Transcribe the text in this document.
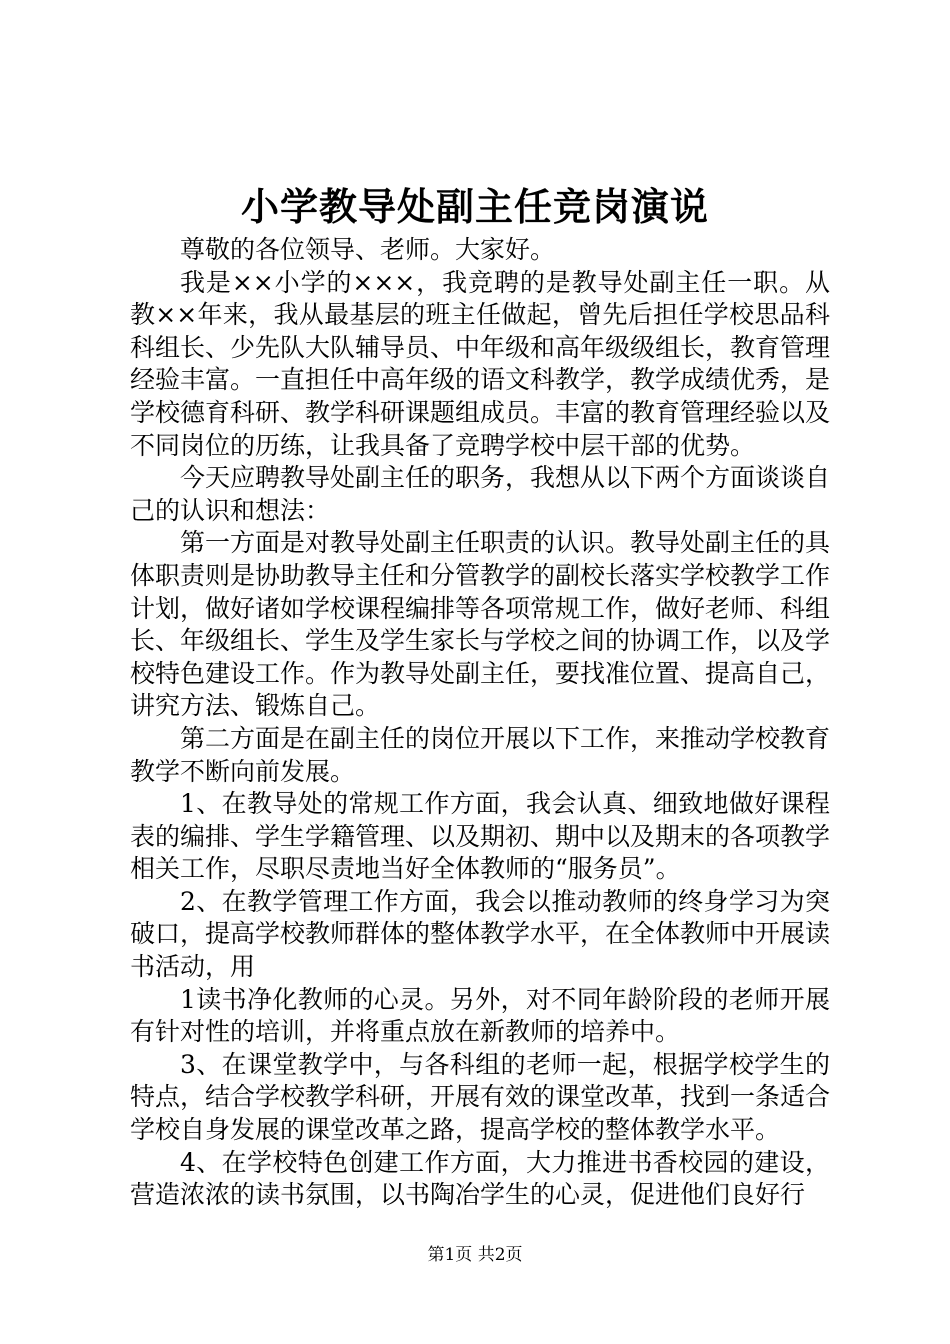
小学教导处副主任竞岗演说

尊敬的各位领导、老师。大家好。

我是××小学的×××，我竞聘的是教导处副主任一职。从教××年来，我从最基层的班主任做起，曾先后担任学校思品科科组长、少先队大队辅导员、中年级和高年级级组长，教育管理经验丰富。一直担任中高年级的语文科教学，教学成绩优秀，是学校德育科研、教学科研课题组成员。丰富的教育管理经验以及不同岗位的历练，让我具备了竞聘学校中层干部的优势。

今天应聘教导处副主任的职务，我想从以下两个方面谈谈自己的认识和想法：

第一方面是对教导处副主任职责的认识。教导处副主任的具体职责则是协助教导主任和分管教学的副校长落实学校教学工作计划，做好诸如学校课程编排等各项常规工作，做好老师、科组长、年级组长、学生及学生家长与学校之间的协调工作，以及学校特色建设工作。作为教导处副主任，要找准位置、提高自己，讲究方法、锻炼自己。

第二方面是在副主任的岗位开展以下工作，来推动学校教育教学不断向前发展。

1、在教导处的常规工作方面，我会认真、细致地做好课程表的编排、学生学籍管理、以及期初、期中以及期末的各项教学相关工作，尽职尽责地当好全体教师的“服务员”。

2、在教学管理工作方面，我会以推动教师的终身学习为突破口，提高学校教师群体的整体教学水平，在全体教师中开展读书活动，用

1读书净化教师的心灵。另外，对不同年龄阶段的老师开展有针对性的培训，并将重点放在新教师的培养中。

3、在课堂教学中，与各科组的老师一起，根据学校学生的特点，结合学校教学科研，开展有效的课堂改革，找到一条适合学校自身发展的课堂改革之路，提高学校的整体教学水平。

4、在学校特色创建工作方面，大力推进书香校园的建设，营造浓浓的读书氛围，以书陶冶学生的心灵，促进他们良好行

第1页 共2页
